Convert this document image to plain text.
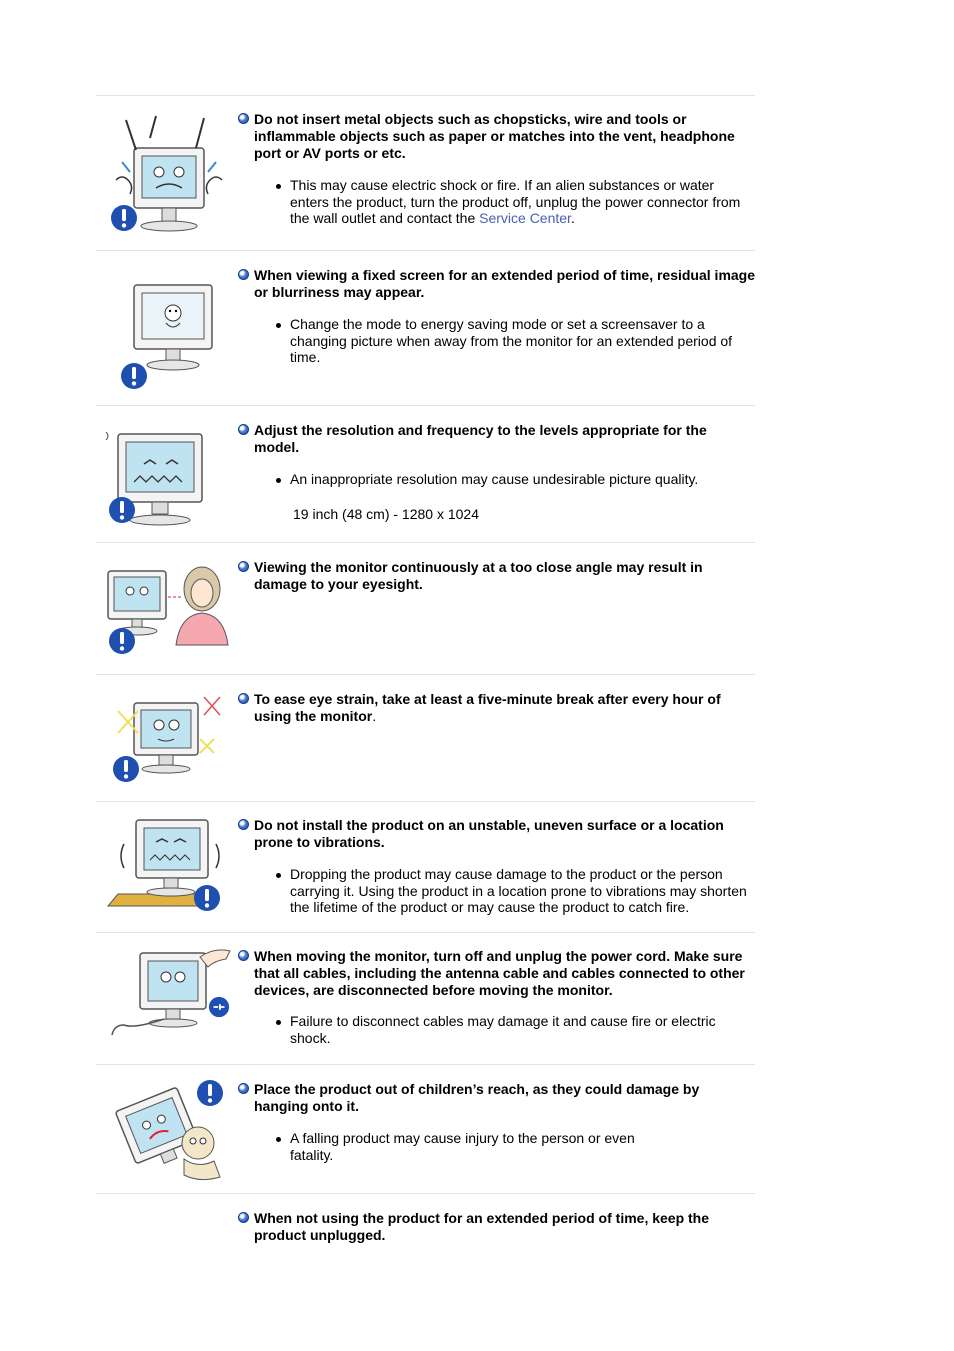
Do not insert metal objects such as chopsticks, wire and tools or inflammable objects such as paper or matches into the vent, headphone port or AV ports or etc.
This may cause electric shock or fire. If an alien substances or water enters the product, turn the product off, unplug the power connector from the wall outlet and contact the Service Center.
When viewing a fixed screen for an extended period of time, residual image or blurriness may appear.
Change the mode to energy saving mode or set a screensaver to a changing picture when away from the monitor for an extended period of time.
Adjust the resolution and frequency to the levels appropriate for the model.
An inappropriate resolution may cause undesirable picture quality.
19 inch (48 cm) - 1280 x 1024
Viewing the monitor continuously at a too close angle may result in damage to your eyesight.
To ease eye strain, take at least a five-minute break after every hour of using the monitor.
Do not install the product on an unstable, uneven surface or a location prone to vibrations.
Dropping the product may cause damage to the product or the person carrying it. Using the product in a location prone to vibrations may shorten the lifetime of the product or may cause the product to catch fire.
When moving the monitor, turn off and unplug the power cord. Make sure that all cables, including the antenna cable and cables connected to other devices, are disconnected before moving the monitor.
Failure to disconnect cables may damage it and cause fire or electric shock.
Place the product out of children’s reach, as they could damage by hanging onto it.
A falling product may cause injury to the person or even fatality.
When not using the product for an extended period of time, keep the product unplugged.
